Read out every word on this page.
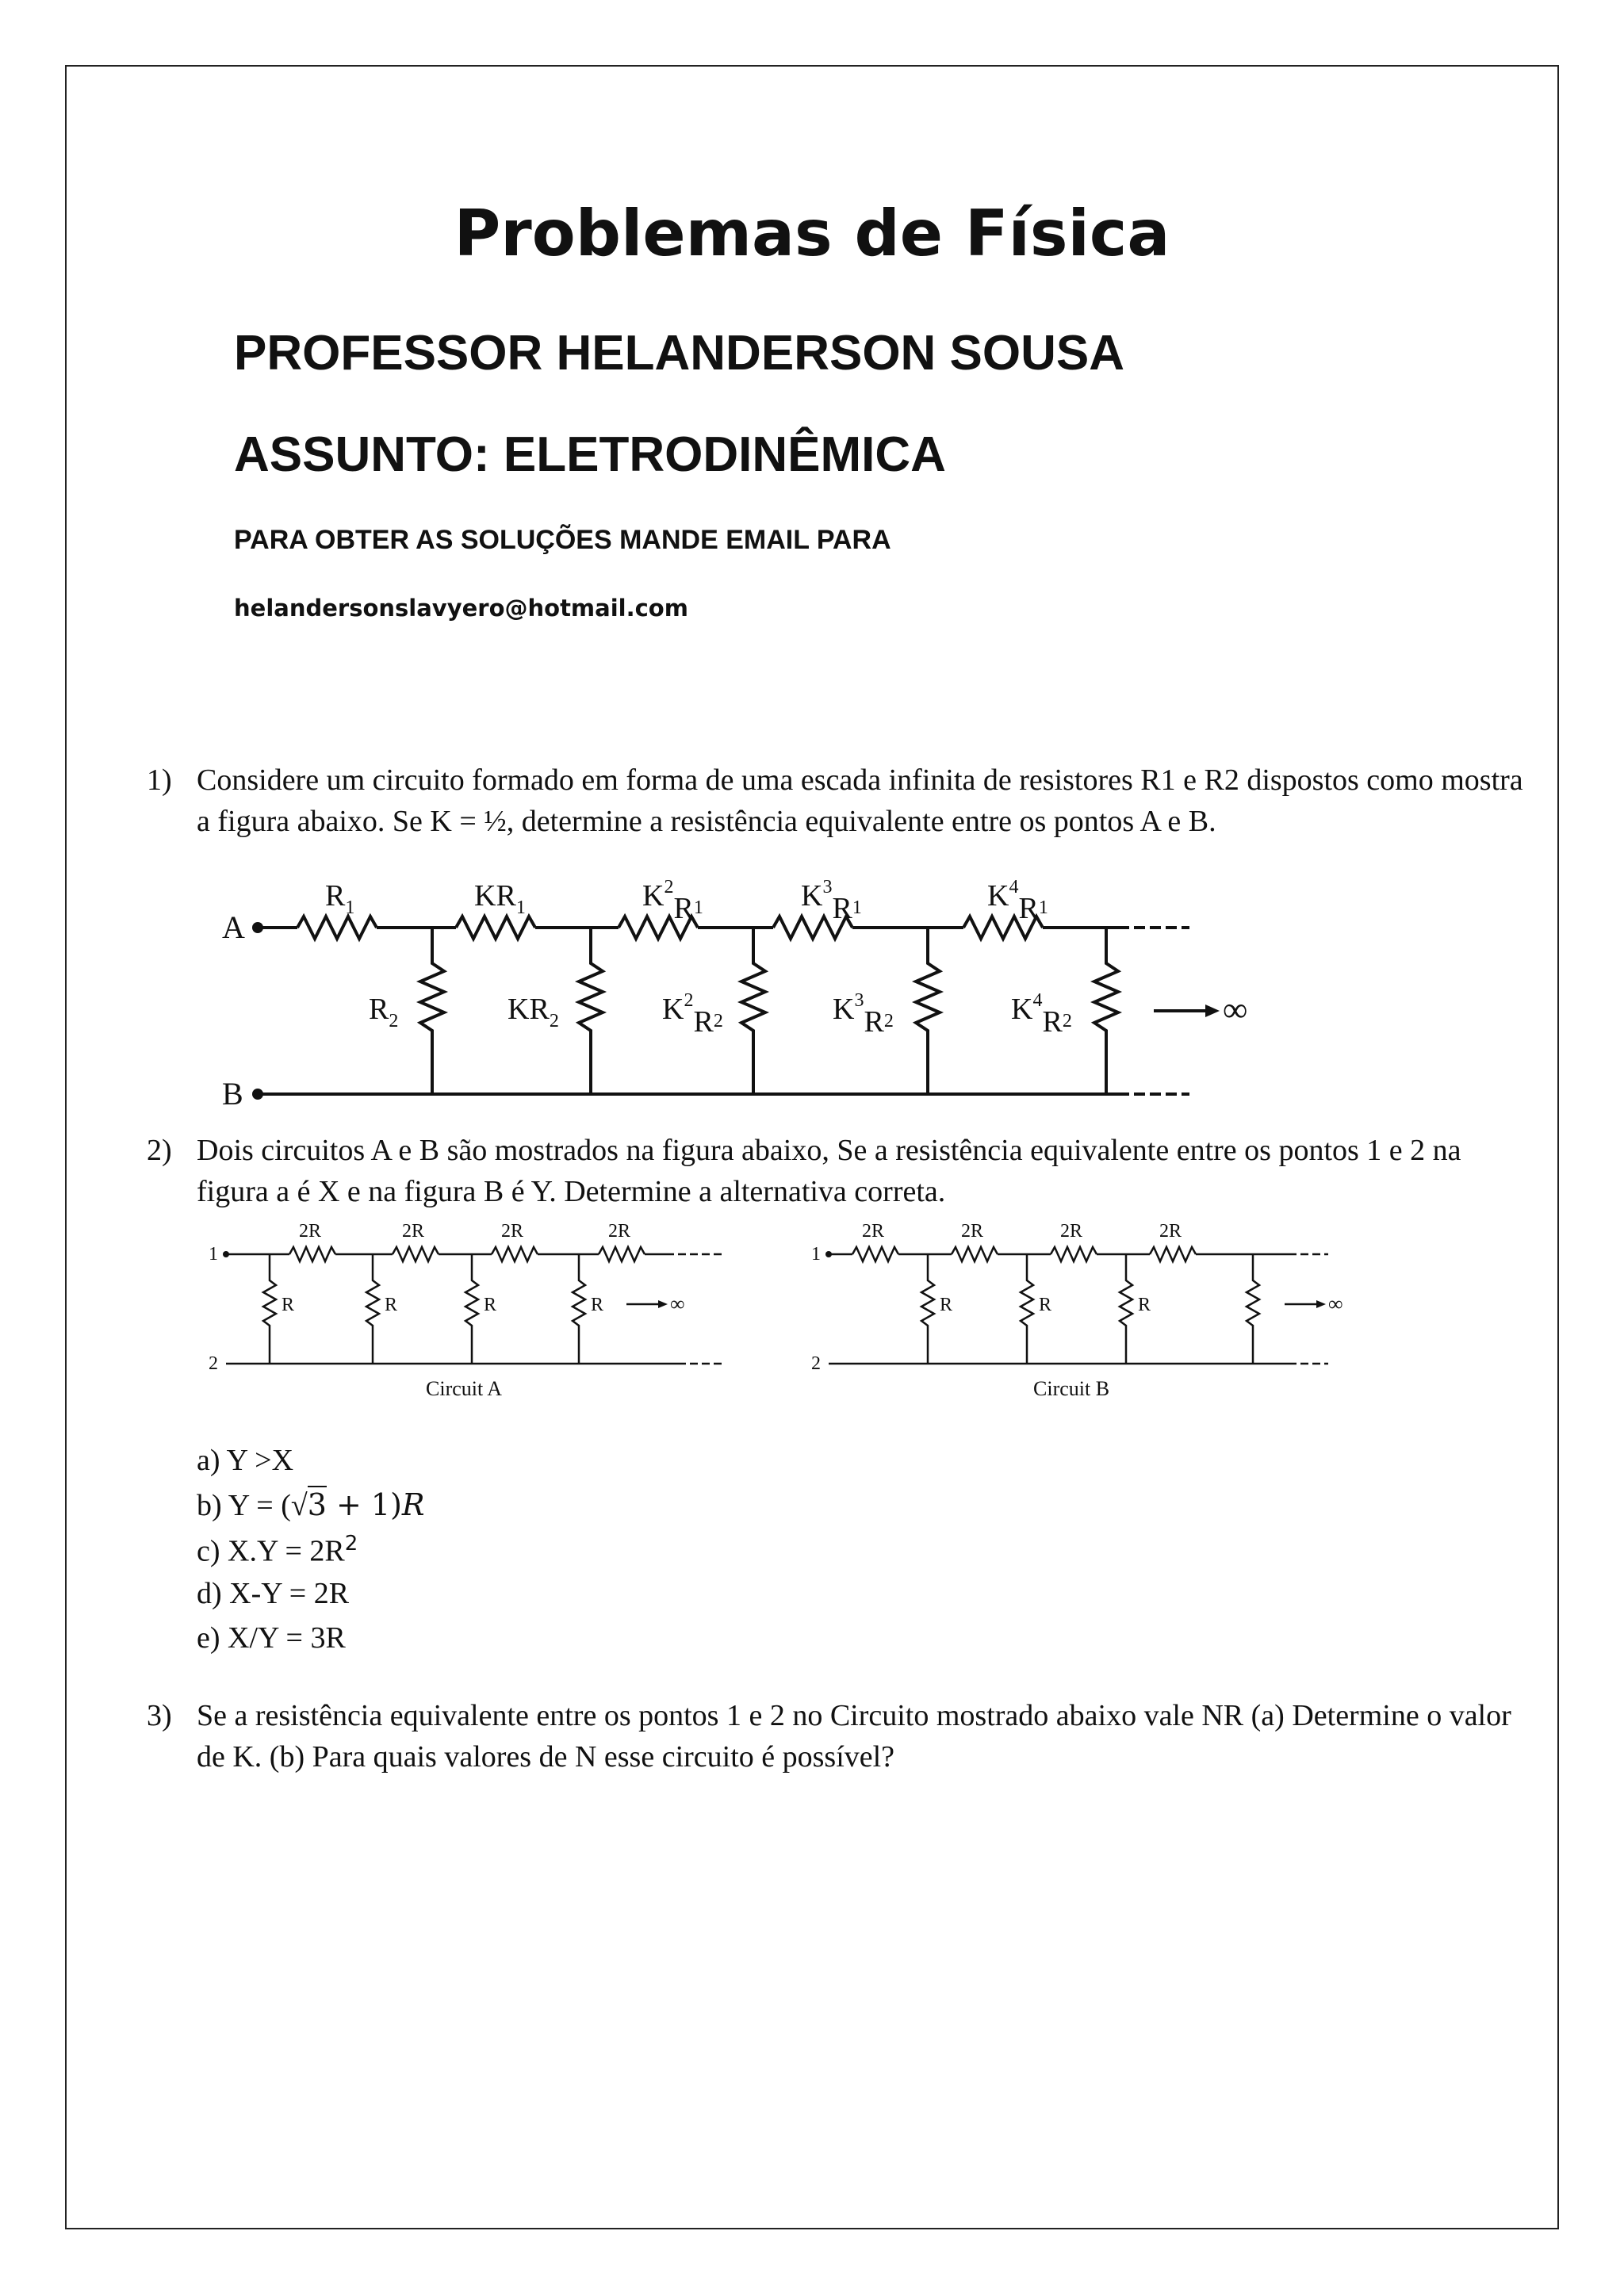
Problemas de Física
PROFESSOR HELANDERSON SOUSA
ASSUNTO: ELETRODINÊMICA
PARA OBTER AS SOLUÇÕES MANDE EMAIL PARA
helandersonslavyero@hotmail.com
1) Considere um circuito formado em forma de uma escada infinita de resistores R1 e R2 dispostos como mostra a figura abaixo. Se K = ½, determine a resistência equivalente entre os pontos A e B.
A
B
∞
$R_1$	$KR_1$	$K^2R1$	$K^3R1$	$K^4R1$
$R_2$	$KR_2$	$K^2R2$	$K^3R2$	$K^4R2$
2) Dois circuitos A e B são mostrados na figura abaixo, Se a resistência equivalente entre os pontos 1 e 2 na figura a é X e na figura B é Y. Determine a alternativa correta.
1
2
1
2
2R	2R	2R	2R
R	R	R	R	∞
Circuit A
2R	2R	2R	2R
R	R	R	∞
Circuit B
a) Y >X
b) Y = (√3 + 1)R
c) $X.Y = 2R^2$
d) X-Y = 2R
e) X/Y = 3R
3) Se a resistência equivalente entre os pontos 1 e 2 no Circuito mostrado abaixo vale NR (a) Determine o valor de K. (b) Para quais valores de N esse circuito é possível?
